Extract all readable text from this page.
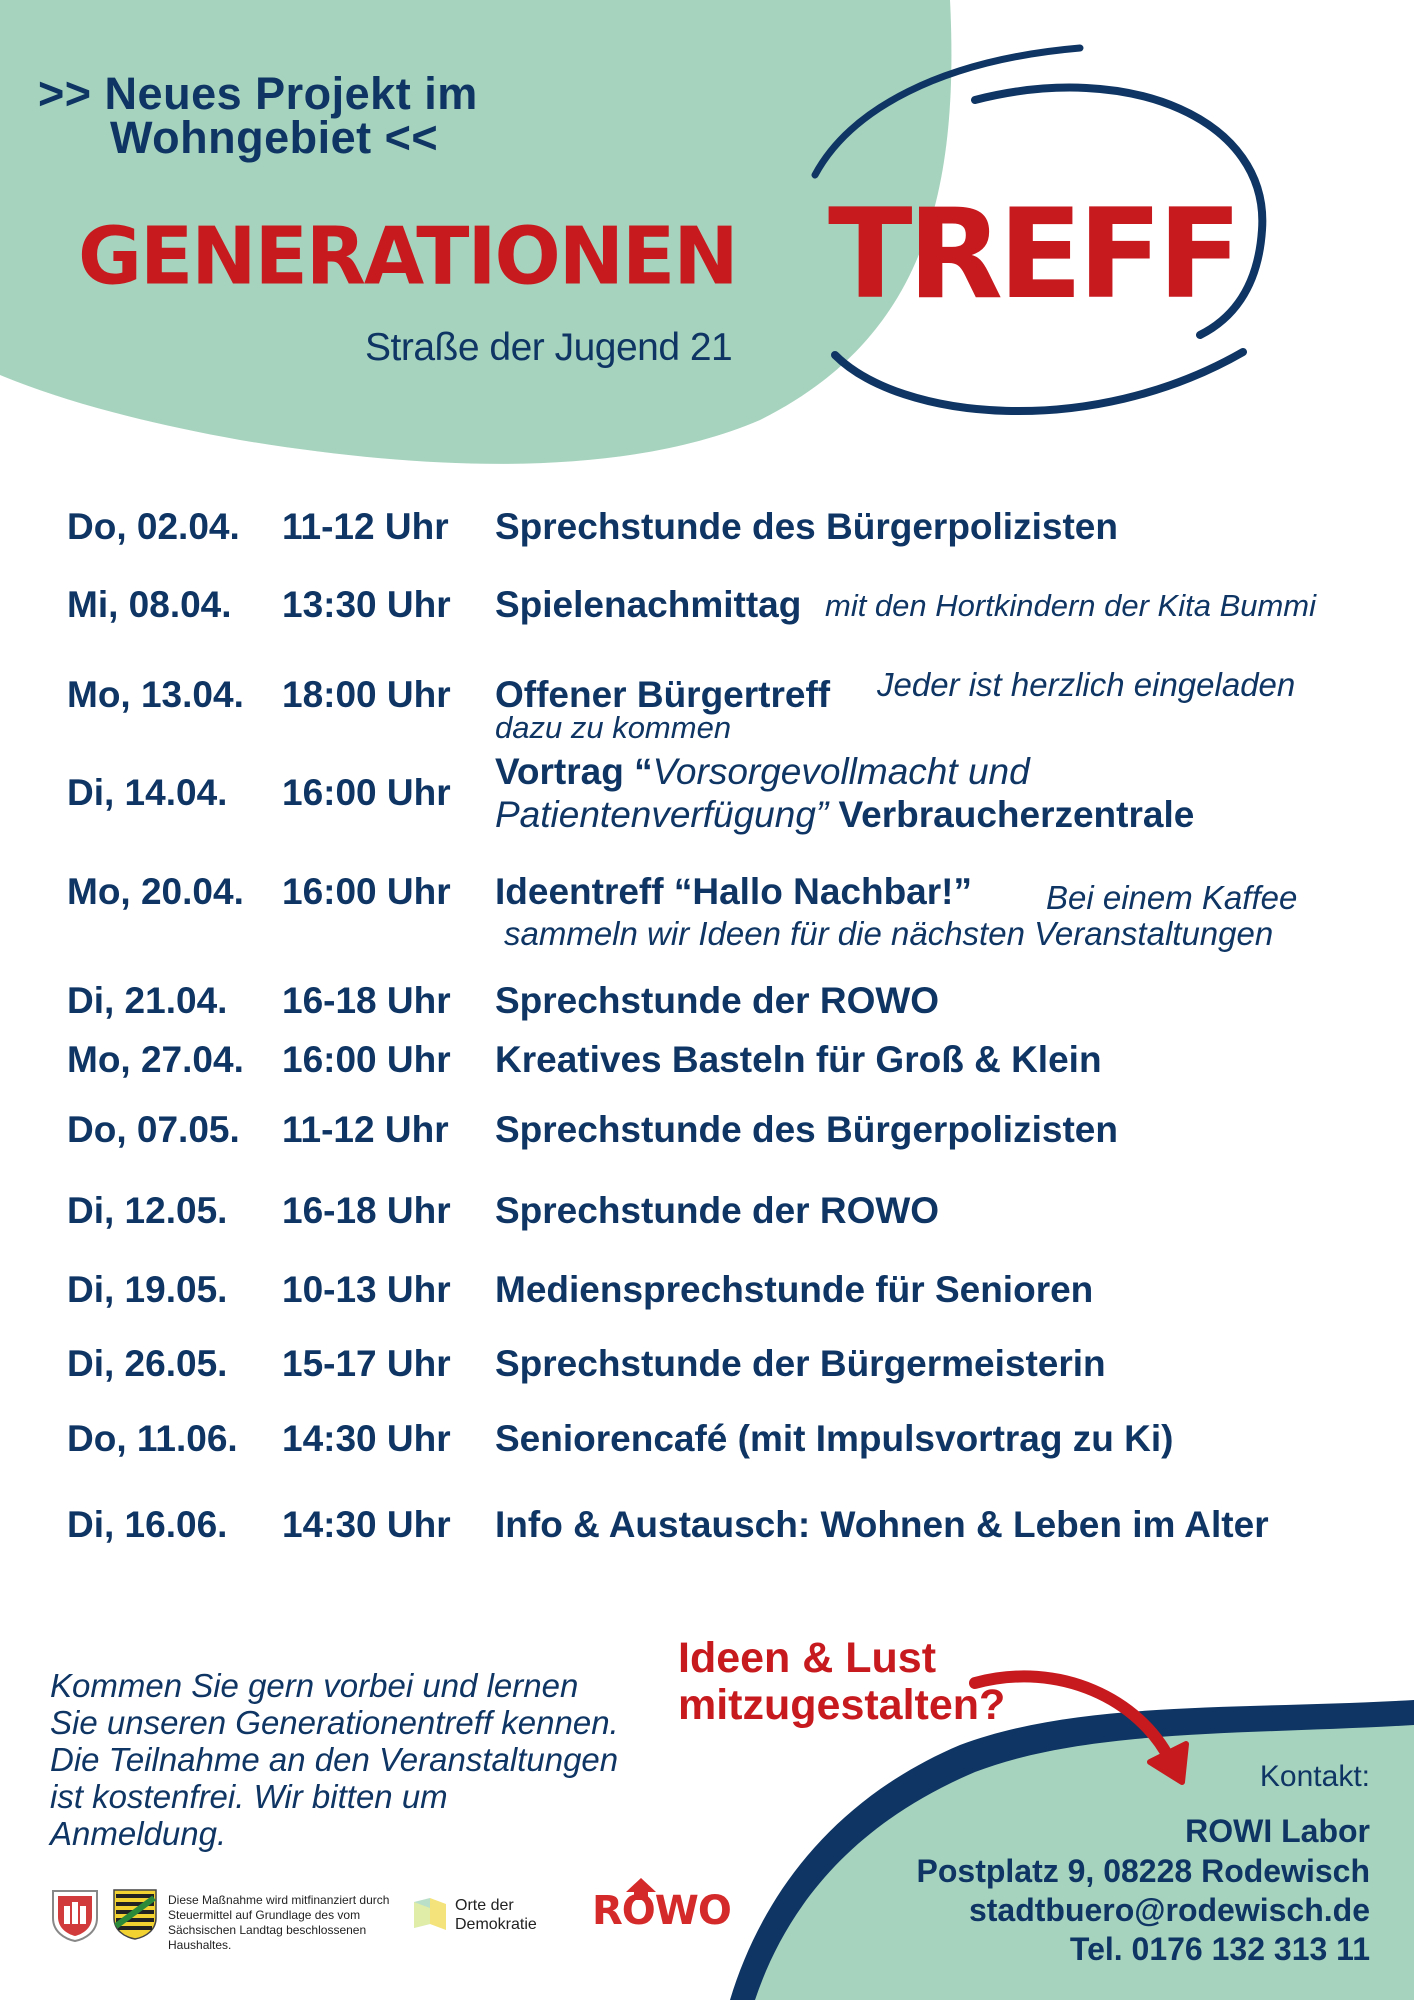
>> Neues Projekt im
Wohngebiet <<
GENERATIONEN TREFF
Straße der Jugend 21
Do, 02.04. 11-12 Uhr Sprechstunde des Bürgerpolizisten
Mi, 08.04. 13:30 Uhr Spielenachmittag mit den Hortkindern der Kita Bummi
Mo, 13.04. 18:00 Uhr Offener Bürgertreff Jeder ist herzlich eingeladen
dazu zu kommen
Di, 14.04. 16:00 Uhr
Vortrag “Vorsorgevollmacht und
Patientenverfügung” Verbraucherzentrale
Mo, 20.04. 16:00 Uhr Ideentreff “Hallo Nachbar!” Bei einem Kaffee
sammeln wir Ideen für die nächsten Veranstaltungen
Di, 21.04. 16-18 Uhr Sprechstunde der ROWO
Mo, 27.04. 16:00 Uhr Kreatives Basteln für Groß & Klein
Do, 07.05. 11-12 Uhr Sprechstunde des Bürgerpolizisten
Di, 12.05. 16-18 Uhr Sprechstunde der ROWO
Di, 19.05. 10-13 Uhr Mediensprechstunde für Senioren
Di, 26.05. 15-17 Uhr Sprechstunde der Bürgermeisterin
Do, 11.06. 14:30 Uhr Seniorencafé (mit Impulsvortrag zu Ki)
Di, 16.06. 14:30 Uhr Info & Austausch: Wohnen & Leben im Alter
Kommen Sie gern vorbei und lernen Sie unseren Generationentreff kennen. Die Teilnahme an den Veranstaltungen ist kostenfrei. Wir bitten um Anmeldung.
Ideen & Lust
mitzugestalten?
Kontakt:
ROWI Labor
Postplatz 9, 08228 Rodewisch
stadtbuero@rodewisch.de
Tel. 0176 132 313 11
Diese Maßnahme wird mitfinanziert durch Steuermittel auf Grundlage des vom Sächsischen Landtag beschlossenen Haushaltes.
Orte der
Demokratie ROWO
